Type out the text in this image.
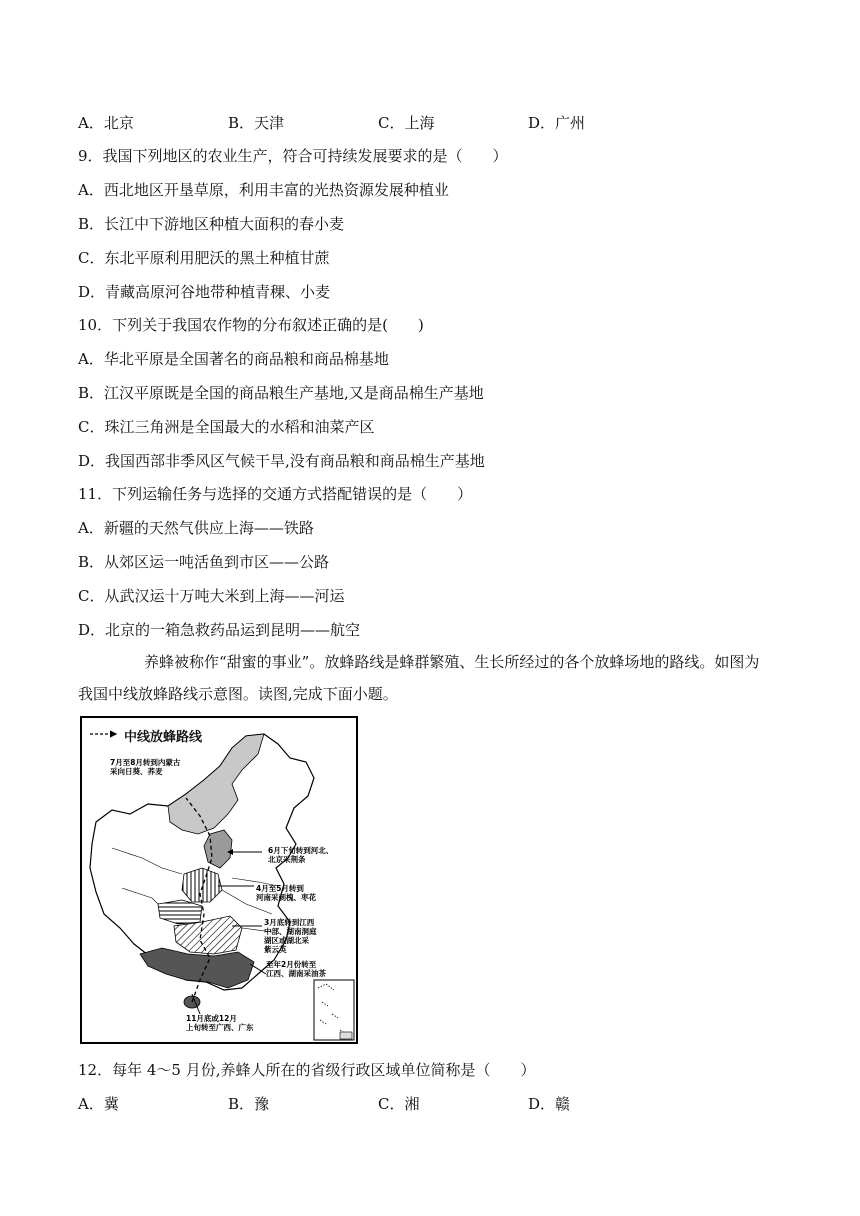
A．北京	B．天津	C．上海	D．广州
9．我国下列地区的农业生产，符合可持续发展要求的是（　　）
A．西北地区开垦草原，利用丰富的光热资源发展种植业
B．长江中下游地区种植大面积的春小麦
C．东北平原利用肥沃的黑土种植甘蔗
D．青藏高原河谷地带种植青稞、小麦
10．下列关于我国农作物的分布叙述正确的是(　　)
A．华北平原是全国著名的商品粮和商品棉基地
B．江汉平原既是全国的商品粮生产基地,又是商品棉生产基地
C．珠江三角洲是全国最大的水稻和油菜产区
D．我国西部非季风区气候干旱,没有商品粮和商品棉生产基地
11．下列运输任务与选择的交通方式搭配错误的是（　　）
A．新疆的天然气供应上海——铁路
B．从郊区运一吨活鱼到市区——公路
C．从武汉运十万吨大米到上海——河运
D．北京的一箱急救药品运到昆明——航空
养蜂被称作“甜蜜的事业”。放蜂路线是蜂群繁殖、生长所经过的各个放蜂场地的路线。如图为
我国中线放蜂路线示意图。读图,完成下面小题。
中线放蜂路线
7月至8月转到内蒙古
采向日葵、荞麦
6月下旬转到河北、
北京采荆条
4月至5月转到
河南采刺槐、枣花
3月底转到江西
中部、湖南洞庭
湖区或湖北采
紫云英
至年2月份转至
江西、湖南采油茶
11月底或12月
上旬转至广西、广东
12．每年 4～5 月份,养蜂人所在的省级行政区域单位简称是（　　）
A．冀	B．豫	C．湘	D．赣
